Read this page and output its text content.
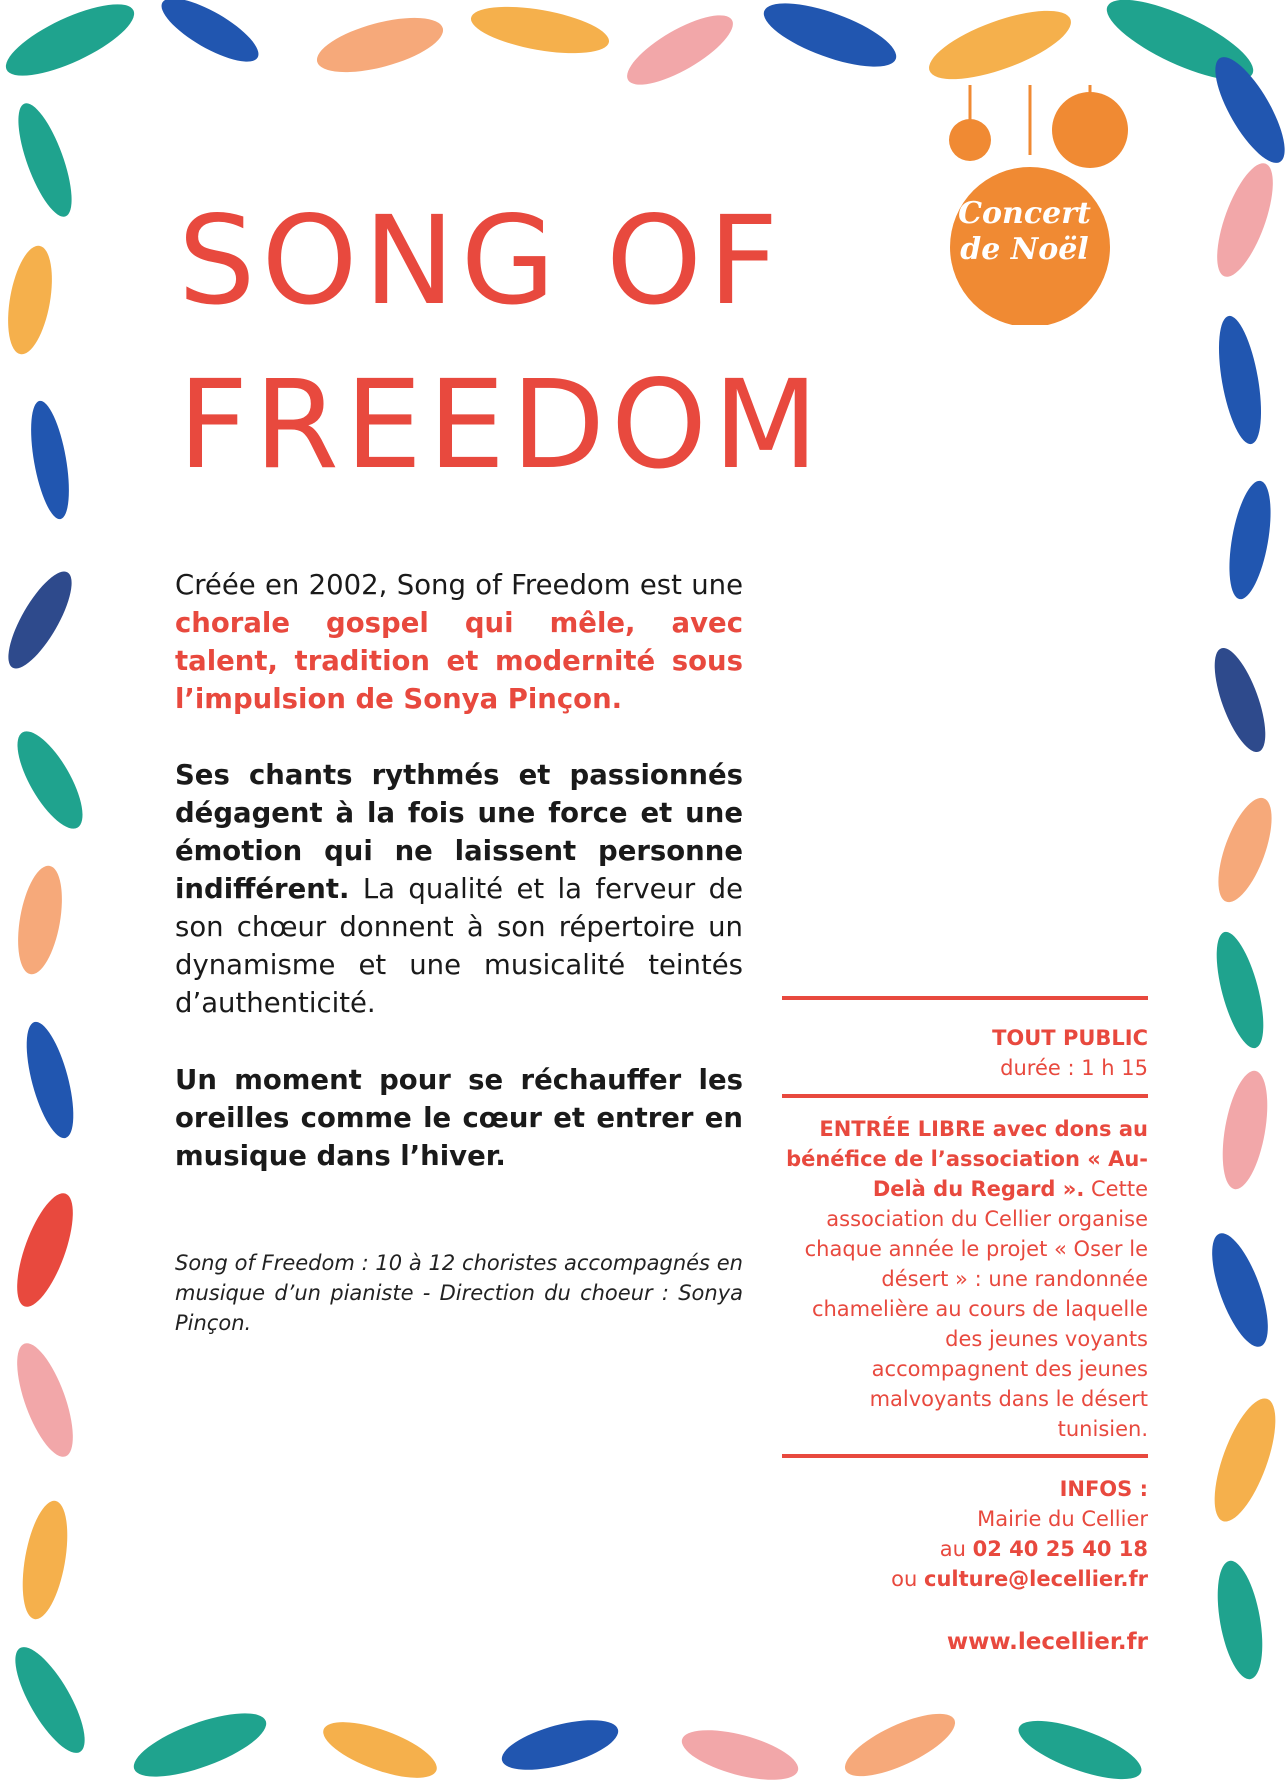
SONG OF
FREEDOM
Concert
de Noël
Créée en 2002, Song of Freedom est une chorale gospel qui mêle, avec talent, tradition et modernité sous l’impulsion de Sonya Pinçon.
Ses chants rythmés et passionnés dégagent à la fois une force et une émotion qui ne laissent personne indifférent. La qualité et la ferveur de son chœur donnent à son répertoire un dynamisme et une musicalité teintés d’authenticité.
Un moment pour se réchauffer les oreilles comme le cœur et entrer en musique dans l’hiver.
Song of Freedom : 10 à 12 choristes accompagnés en musique d’un pianiste - Direction du choeur : Sonya Pinçon.
TOUT PUBLIC
durée : 1 h 15
ENTRÉE LIBRE avec dons au bénéfice de l’association « Au-Delà du Regard ». Cette association du Cellier organise chaque année le projet « Oser le désert » : une randonnée chamelière au cours de laquelle des jeunes voyants accompagnent des jeunes malvoyants dans le désert tunisien.
INFOS :
Mairie du Cellier
au 02 40 25 40 18
ou culture@lecellier.fr
www.lecellier.fr
